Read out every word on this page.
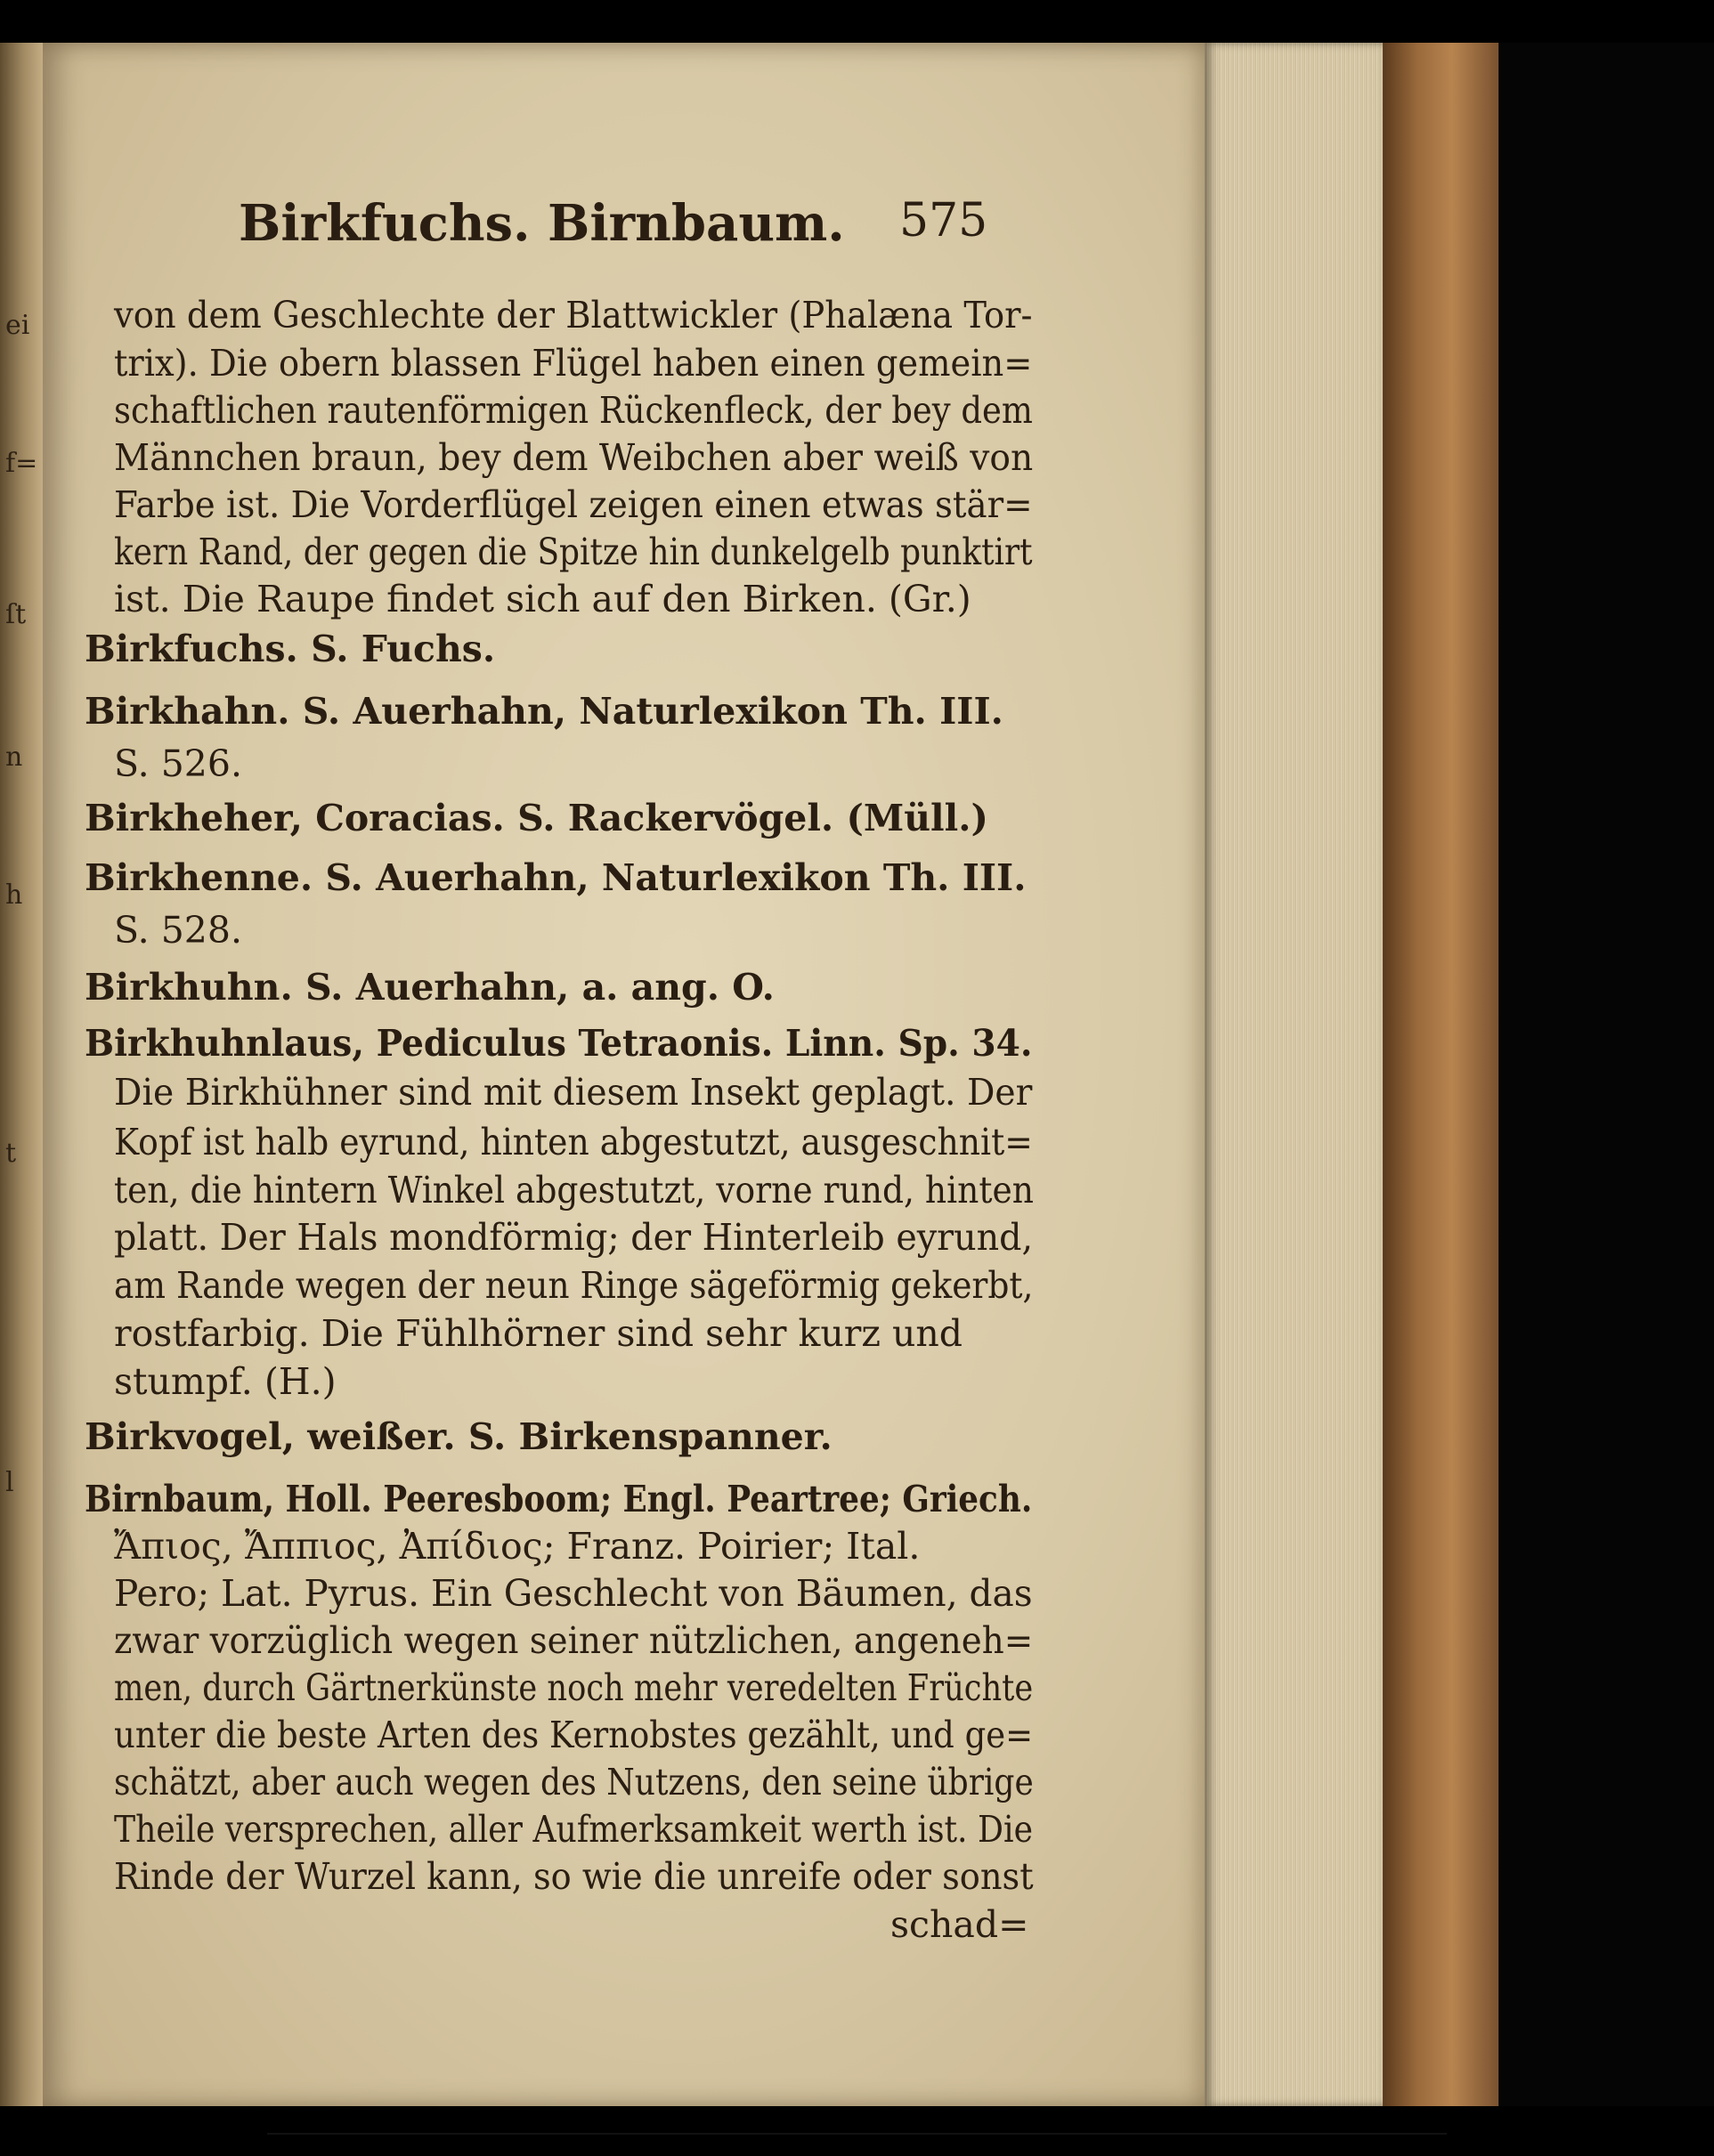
ei
f=
ſt
n
h
t
l
Birkfuchs. Birnbaum. 575
von dem Geschlechte der Blattwickler (Phalæna Tor-
trix). Die obern blassen Flügel haben einen gemein=
schaftlichen rautenförmigen Rückenfleck, der bey dem
Männchen braun, bey dem Weibchen aber weiß von
Farbe ist. Die Vorderflügel zeigen einen etwas stär=
kern Rand, der gegen die Spitze hin dunkelgelb punktirt
ist. Die Raupe findet sich auf den Birken. (Gr.)
Birkfuchs. S. Fuchs.
Birkhahn. S. Auerhahn, Naturlexikon Th. III.
S. 526.
Birkheher, Coracias. S. Rackervögel. (Müll.)
Birkhenne. S. Auerhahn, Naturlexikon Th. III.
S. 528.
Birkhuhn. S. Auerhahn, a. ang. O.
Birkhuhnlaus, Pediculus Tetraonis. Linn. Sp. 34.
Die Birkhühner sind mit diesem Insekt geplagt. Der
Kopf ist halb eyrund, hinten abgestutzt, ausgeschnit=
ten, die hintern Winkel abgestutzt, vorne rund, hinten
platt. Der Hals mondförmig; der Hinterleib eyrund,
am Rande wegen der neun Ringe sägeförmig gekerbt,
rostfarbig. Die Fühlhörner sind sehr kurz und
stumpf. (H.)
Birkvogel, weißer. S. Birkenspanner.
Birnbaum, Holl. Peeresboom; Engl. Peartree; Griech.
Ἄπιος, Ἄππιος, Ἀπίδιος; Franz. Poirier; Ital.
Pero; Lat. Pyrus. Ein Geschlecht von Bäumen, das
zwar vorzüglich wegen seiner nützlichen, angeneh=
men, durch Gärtnerkünste noch mehr veredelten Früchte
unter die beste Arten des Kernobstes gezählt, und ge=
schätzt, aber auch wegen des Nutzens, den seine übrige
Theile versprechen, aller Aufmerksamkeit werth ist. Die
Rinde der Wurzel kann, so wie die unreife oder sonst
schad=
